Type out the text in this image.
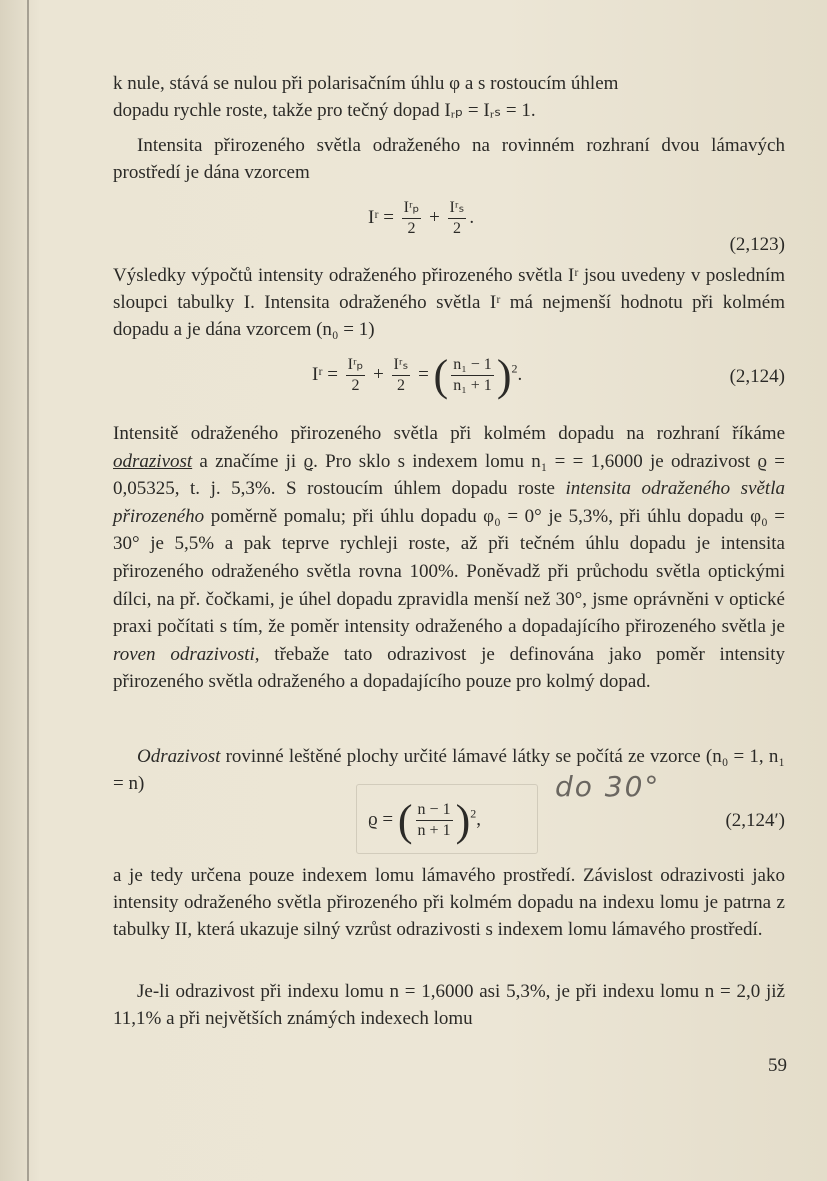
k nule, stává se nulou při polarisačním úhlu φ a s rostoucím úhlem
dopadu rychle roste, takže pro tečný dopad Iᵣₚ = Iᵣₛ = 1.

Intensita přirozeného světla odraženého na rovinném rozhraní dvou lámavých prostředí je dána vzorcem

Iʳ = $\frac{\text{Iʳₚ}}{2} + \frac{\text{Iʳₛ}}{2}$ .
(2,123)

Výsledky výpočtů intensity odraženého přirozeného světla Iʳ jsou uvedeny v posledním sloupci tabulky I. Intensita odraženého světla Iʳ má nejmenší hodnotu při kolmém dopadu a je dána vzorcem (n₀ = 1)

Iʳ = $\frac{\text{Iʳₚ}}{2} + \frac{\text{Iʳₛ}}{2}$ = ( $\frac{\text{n₁ − 1}}{\text{n₁ + 1}} )^2$.	(2,124)

Intensitě odraženého přirozeného světla při kolmém dopadu na rozhraní říkáme odrazivost a značíme ji ϱ. Pro sklo s indexem lomu n₁ = = 1,6000 je odrazivost ϱ = 0,05325, t. j. 5,3%. S rostoucím úhlem dopadu roste intensita odraženého světla přirozeného poměrně pomalu; při úhlu dopadu φ₀ = 0° je 5,3%, při úhlu dopadu φ₀ = 30° je 5,5% a pak teprve rychleji roste, až při tečném úhlu dopadu je intensita přirozeného odraženého světla rovna 100%. Poněvadž při průchodu světla optickými dílci, na př. čočkami, je úhel dopadu zpravidla menší než 30°, jsme oprávněni v optické praxi počítati s tím, že poměr intensity odraženého a dopadajícího přirozeného světla je roven odrazivosti, třebaže tato odrazivost je definována jako poměr intensity přirozeného světla odraženého a dopadajícího pouze pro kolmý dopad.

Odrazivost rovinné leštěné plochy určité lámavé látky se počítá ze vzorce (n₀ = 1, n₁ = n)	do 30°
ϱ = ( $\frac{n - 1}{n + 1} )^2$,	(2,124′)

a je tedy určena pouze indexem lomu lámavého prostředí. Závislost odrazivosti jako intensity odraženého světla přirozeného při kolmém dopadu na indexu lomu je patrna z tabulky II, která ukazuje silný vzrůst odrazivosti s indexem lomu lámavého prostředí.

Je-li odrazivost při indexu lomu n = 1,6000 asi 5,3%, je při indexu lomu n = 2,0 již 11,1% a při největších známých indexech lomu

59
